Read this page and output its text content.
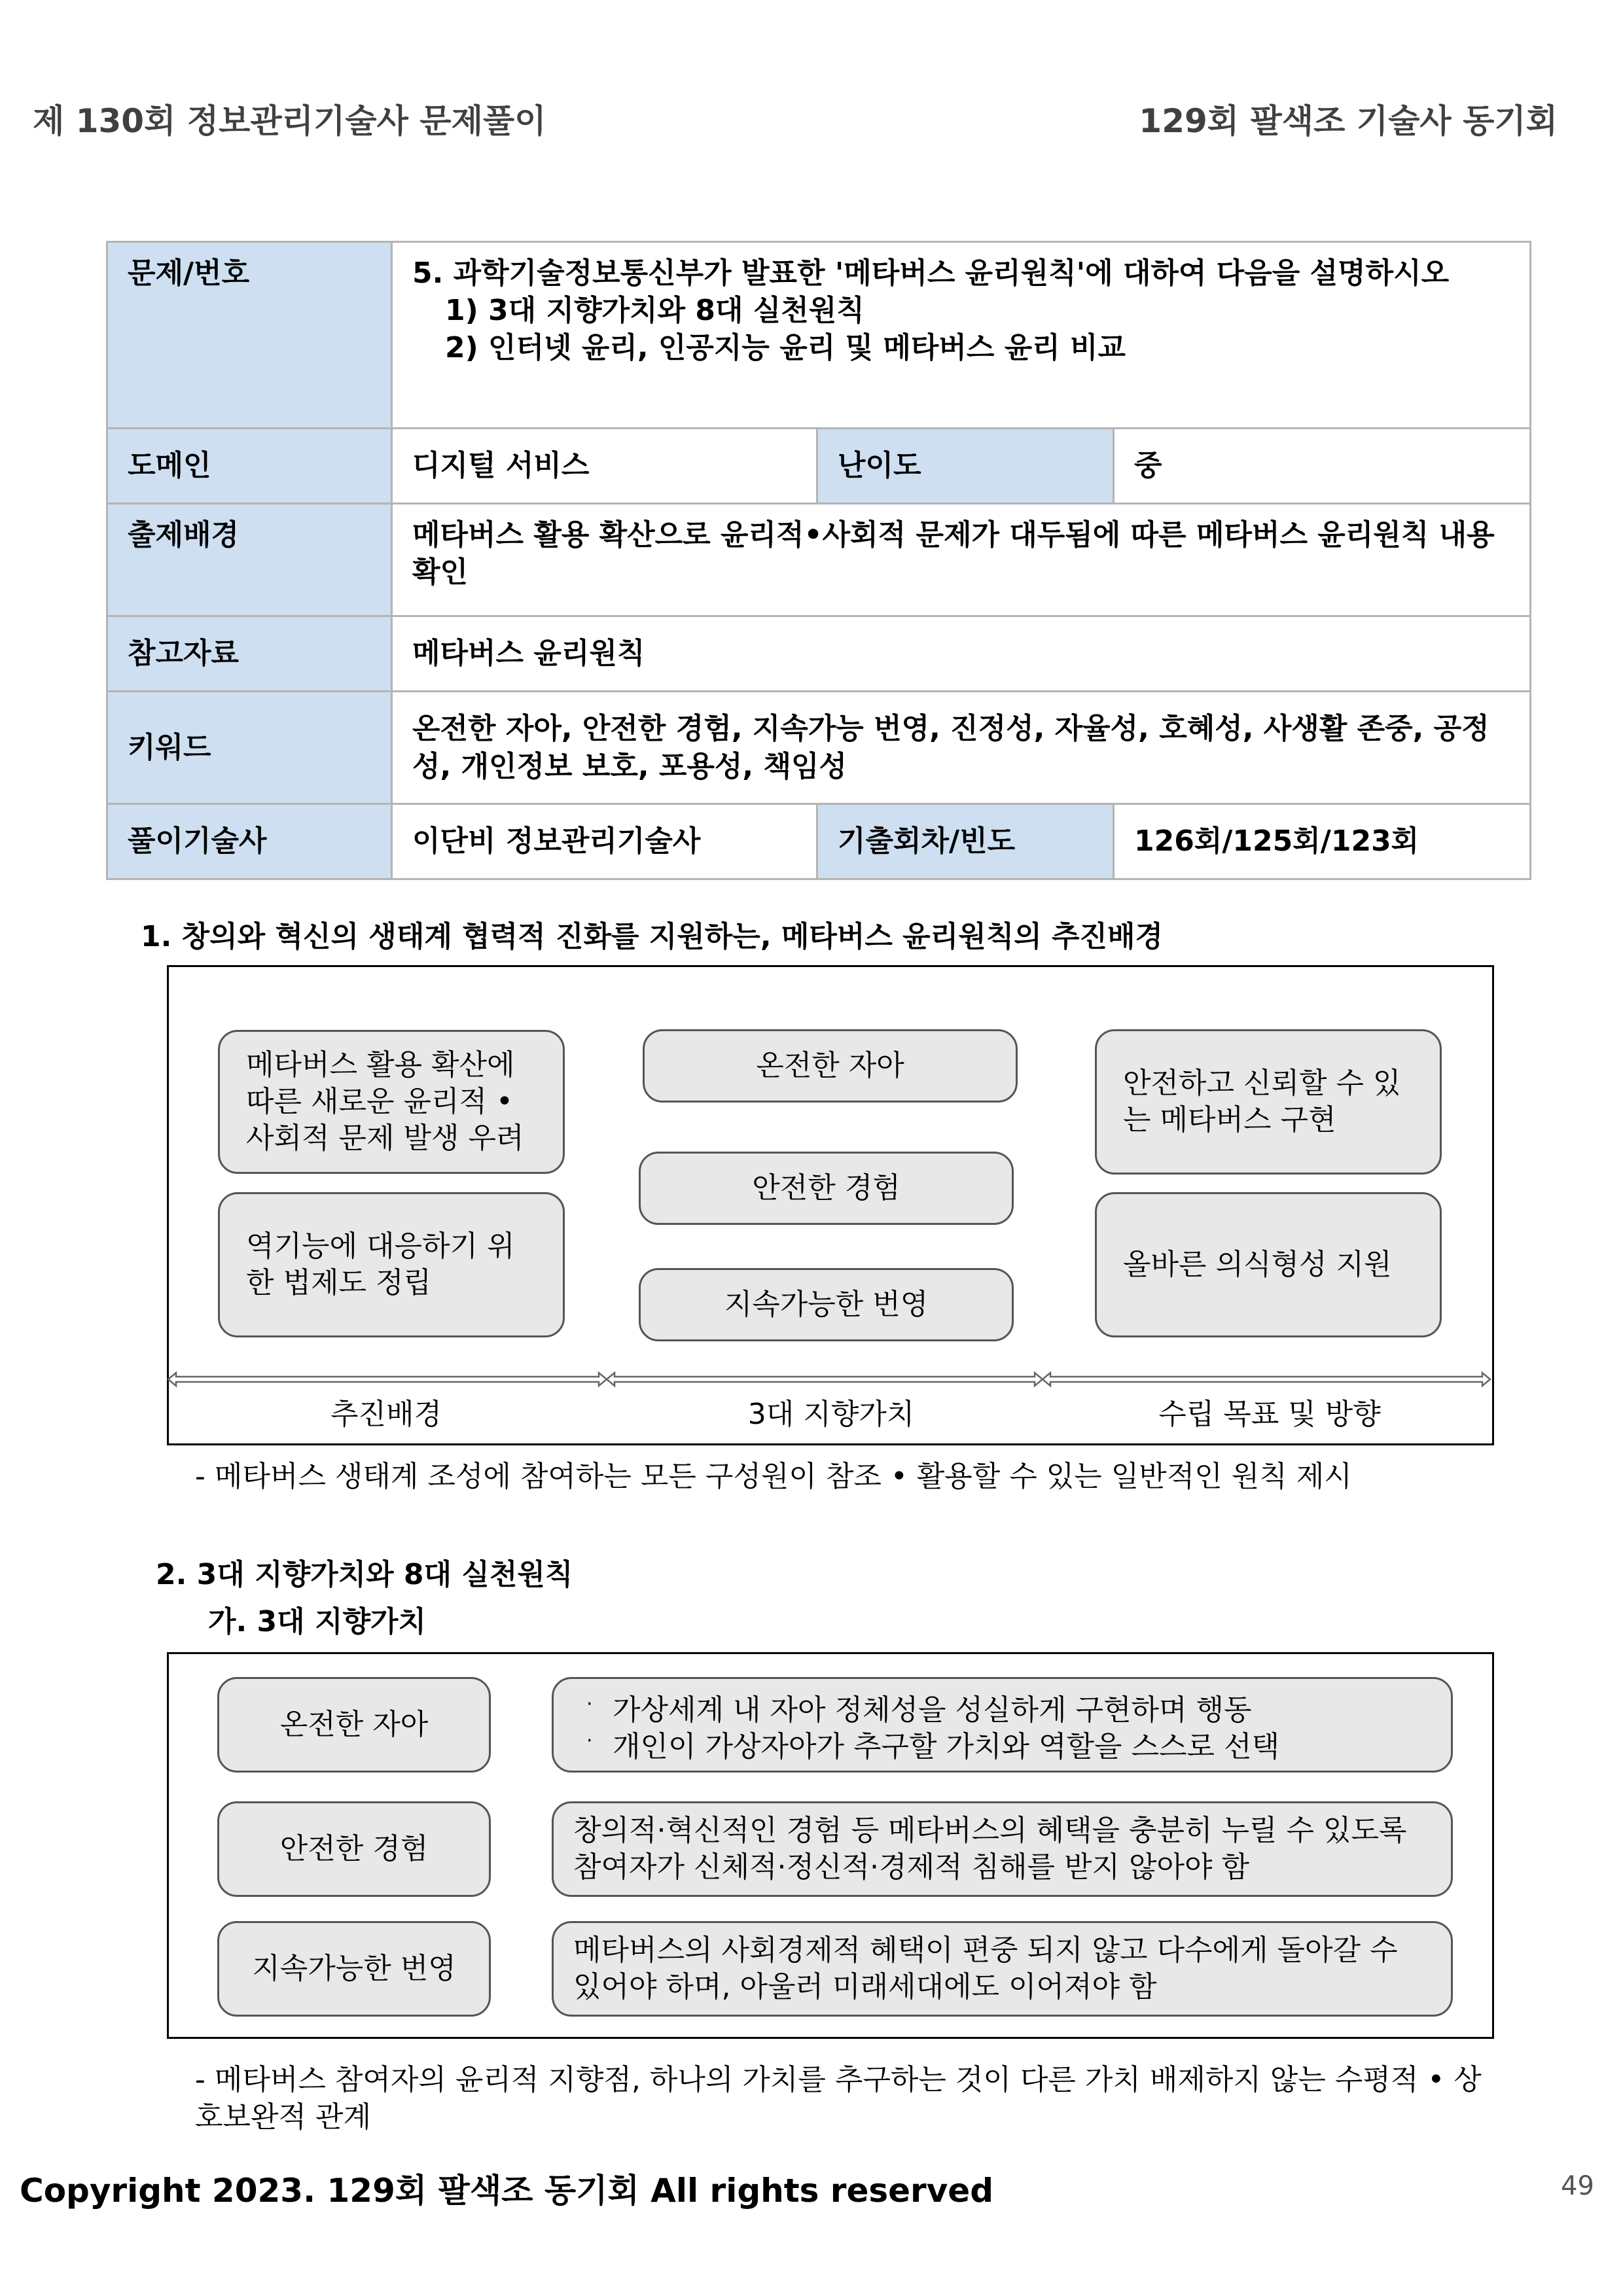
제 130회 정보관리기술사 문제풀이	129회 팔색조 기술사 동기회
문제/번호	5. 과학기술정보통신부가 발표한 '메타버스 윤리원칙'에 대하여 다음을 설명하시오
1) 3대 지향가치와 8대 실천원칙
2) 인터넷 윤리, 인공지능 윤리 및 메타버스 윤리 비교		

도메인	디지털 서비스	난이도	중
출제배경	메타버스 활용 확산으로 윤리적•사회적 문제가 대두됨에 따른 메타버스 윤리원칙 내용 확인		
참고자료	메타버스 윤리원칙		
키워드	온전한 자아, 안전한 경험, 지속가능 번영, 진정성, 자율성, 호혜성, 사생활 존중, 공정성, 개인정보 보호, 포용성, 책임성		
풀이기술사	이단비 정보관리기술사	기출회차/빈도	126회/125회/123회
1. 창의와 혁신의 생태계 협력적 진화를 지원하는, 메타버스 윤리원칙의 추진배경
메타버스 활용 확산에 따른 새로운 윤리적 • 사회적 문제 발생 우려
역기능에 대응하기 위한 법제도 정립
온전한 자아
안전한 경험
지속가능한 번영
안전하고 신뢰할 수 있는 메타버스 구현
올바른 의식형성 지원
추진배경	3대 지향가치	수립 목표 및 방향
- 메타버스 생태계 조성에 참여하는 모든 구성원이 참조 • 활용할 수 있는 일반적인 원칙 제시
2. 3대 지향가치와 8대 실천원칙
가. 3대 지향가치
온전한 자아
안전한 경험
지속가능한 번영
· 가상세계 내 자아 정체성을 성실하게 구현하며 행동
· 개인이 가상자아가 추구할 가치와 역할을 스스로 선택
창의적·혁신적인 경험 등 메타버스의 혜택을 충분히 누릴 수 있도록 참여자가 신체적·정신적·경제적 침해를 받지 않아야 함
메타버스의 사회경제적 혜택이 편중 되지 않고 다수에게 돌아갈 수 있어야 하며, 아울러 미래세대에도 이어져야 함
- 메타버스 참여자의 윤리적 지향점, 하나의 가치를 추구하는 것이 다른 가치 배제하지 않는 수평적 • 상호보완적 관계
Copyright 2023. 129회 팔색조 동기회 All rights reserved	49
